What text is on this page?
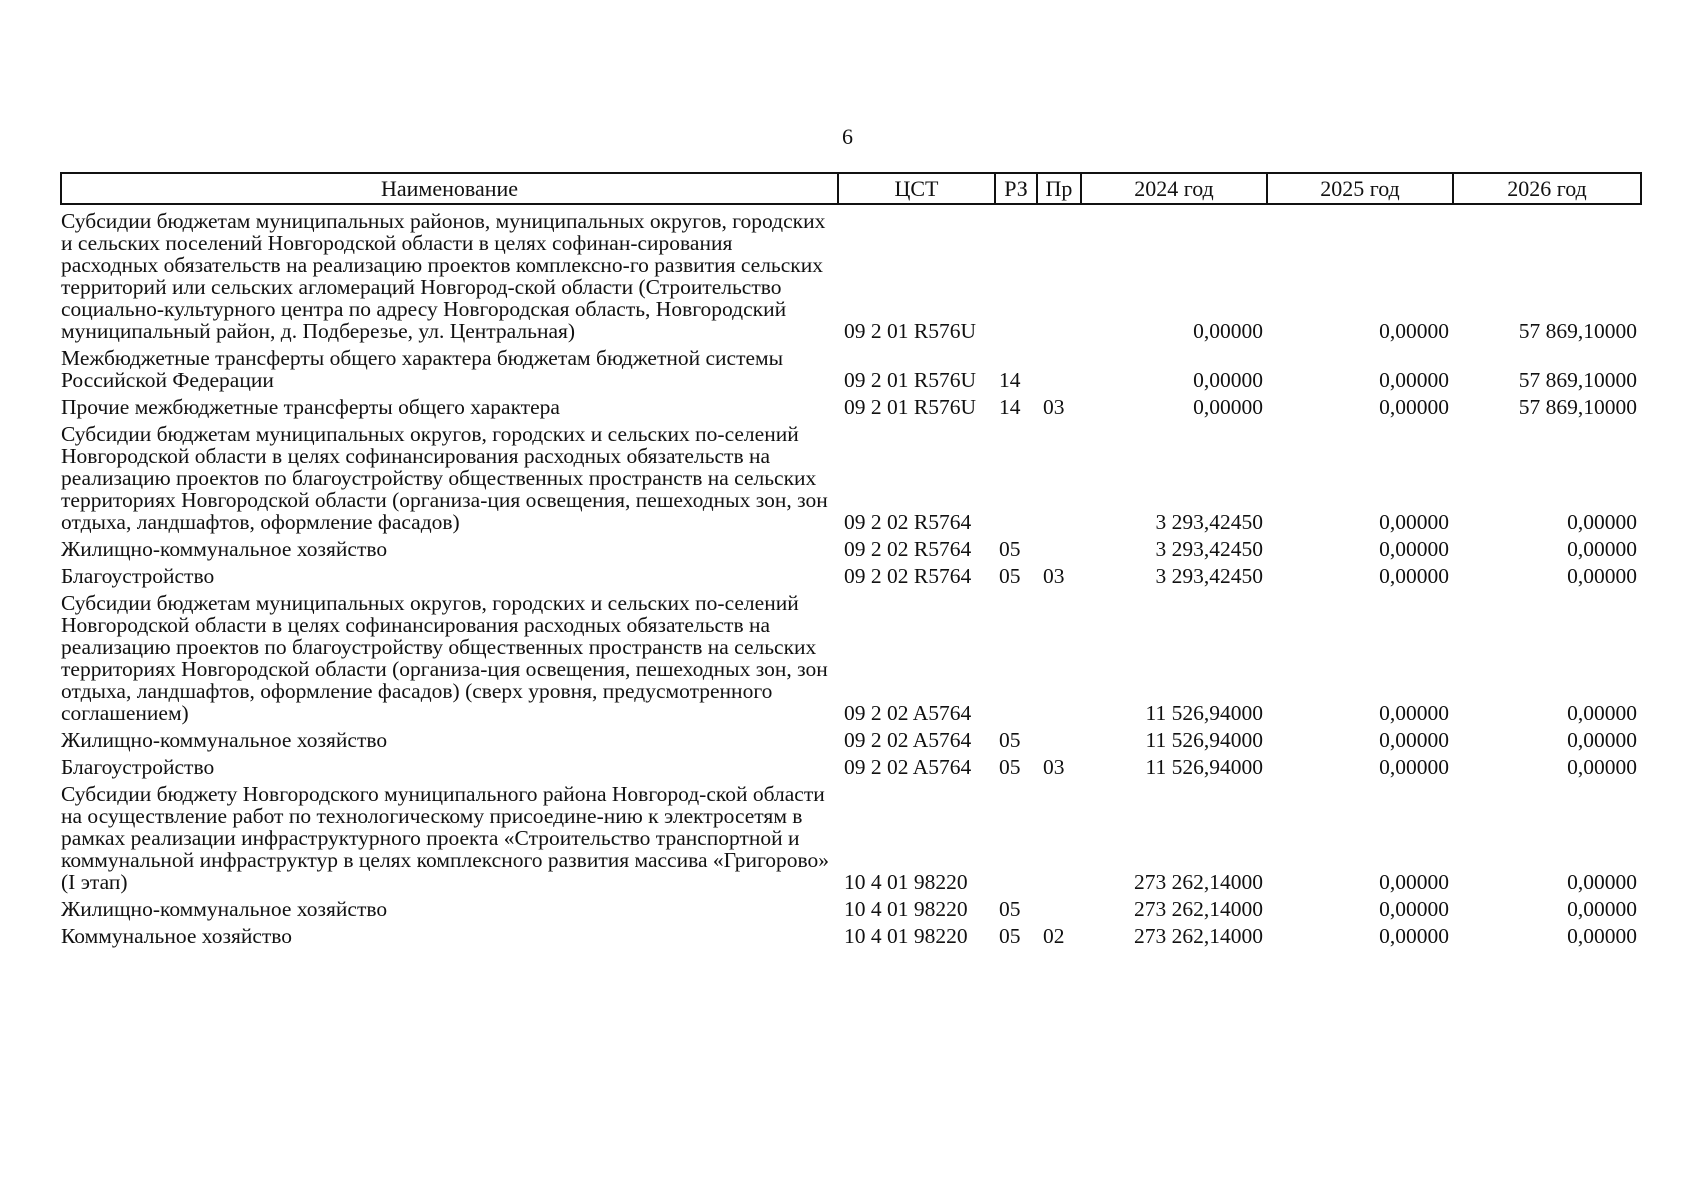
6
Наименование	ЦСТ	РЗ	Пр	2024 год	2025 год	2026 год
Субсидии бюджетам муниципальных районов, муниципальных округов, городских и сельских поселений Новгородской области в целях софинан-сирования расходных обязательств на реализацию проектов комплексно-го развития сельских территорий или сельских агломераций Новгород-ской области (Строительство социально-культурного центра по адресу Новгородская область, Новгородский муниципальный район, д. Подберезье, ул. Центральная)	09 2 01 R576U			0,00000	0,00000	57 869,10000
Межбюджетные трансферты общего характера бюджетам бюджетной системы Российской Федерации	09 2 01 R576U	14		0,00000	0,00000	57 869,10000
Прочие межбюджетные трансферты общего характера	09 2 01 R576U	14	03	0,00000	0,00000	57 869,10000
Субсидии бюджетам муниципальных округов, городских и сельских по-селений Новгородской области в целях софинансирования расходных обязательств на реализацию проектов по благоустройству общественных пространств на сельских территориях Новгородской области (организа-ция освещения, пешеходных зон, зон отдыха, ландшафтов, оформление фасадов)	09 2 02 R5764			3 293,42450	0,00000	0,00000
Жилищно-коммунальное хозяйство	09 2 02 R5764	05		3 293,42450	0,00000	0,00000
Благоустройство	09 2 02 R5764	05	03	3 293,42450	0,00000	0,00000
Субсидии бюджетам муниципальных округов, городских и сельских по-селений Новгородской области в целях софинансирования расходных обязательств на реализацию проектов по благоустройству общественных пространств на сельских территориях Новгородской области (организа-ция освещения, пешеходных зон, зон отдыха, ландшафтов, оформление фасадов) (сверх уровня, предусмотренного соглашением)	09 2 02 A5764			11 526,94000	0,00000	0,00000
Жилищно-коммунальное хозяйство	09 2 02 A5764	05		11 526,94000	0,00000	0,00000
Благоустройство	09 2 02 A5764	05	03	11 526,94000	0,00000	0,00000
Субсидии бюджету Новгородского муниципального района Новгород-ской области на осуществление работ по технологическому присоедине-нию к электросетям в рамках реализации инфраструктурного проекта «Строительство транспортной и коммунальной инфраструктур в целях комплексного развития массива «Григорово» (I этап)	10 4 01 98220			273 262,14000	0,00000	0,00000
Жилищно-коммунальное хозяйство	10 4 01 98220	05		273 262,14000	0,00000	0,00000
Коммунальное хозяйство	10 4 01 98220	05	02	273 262,14000	0,00000	0,00000
